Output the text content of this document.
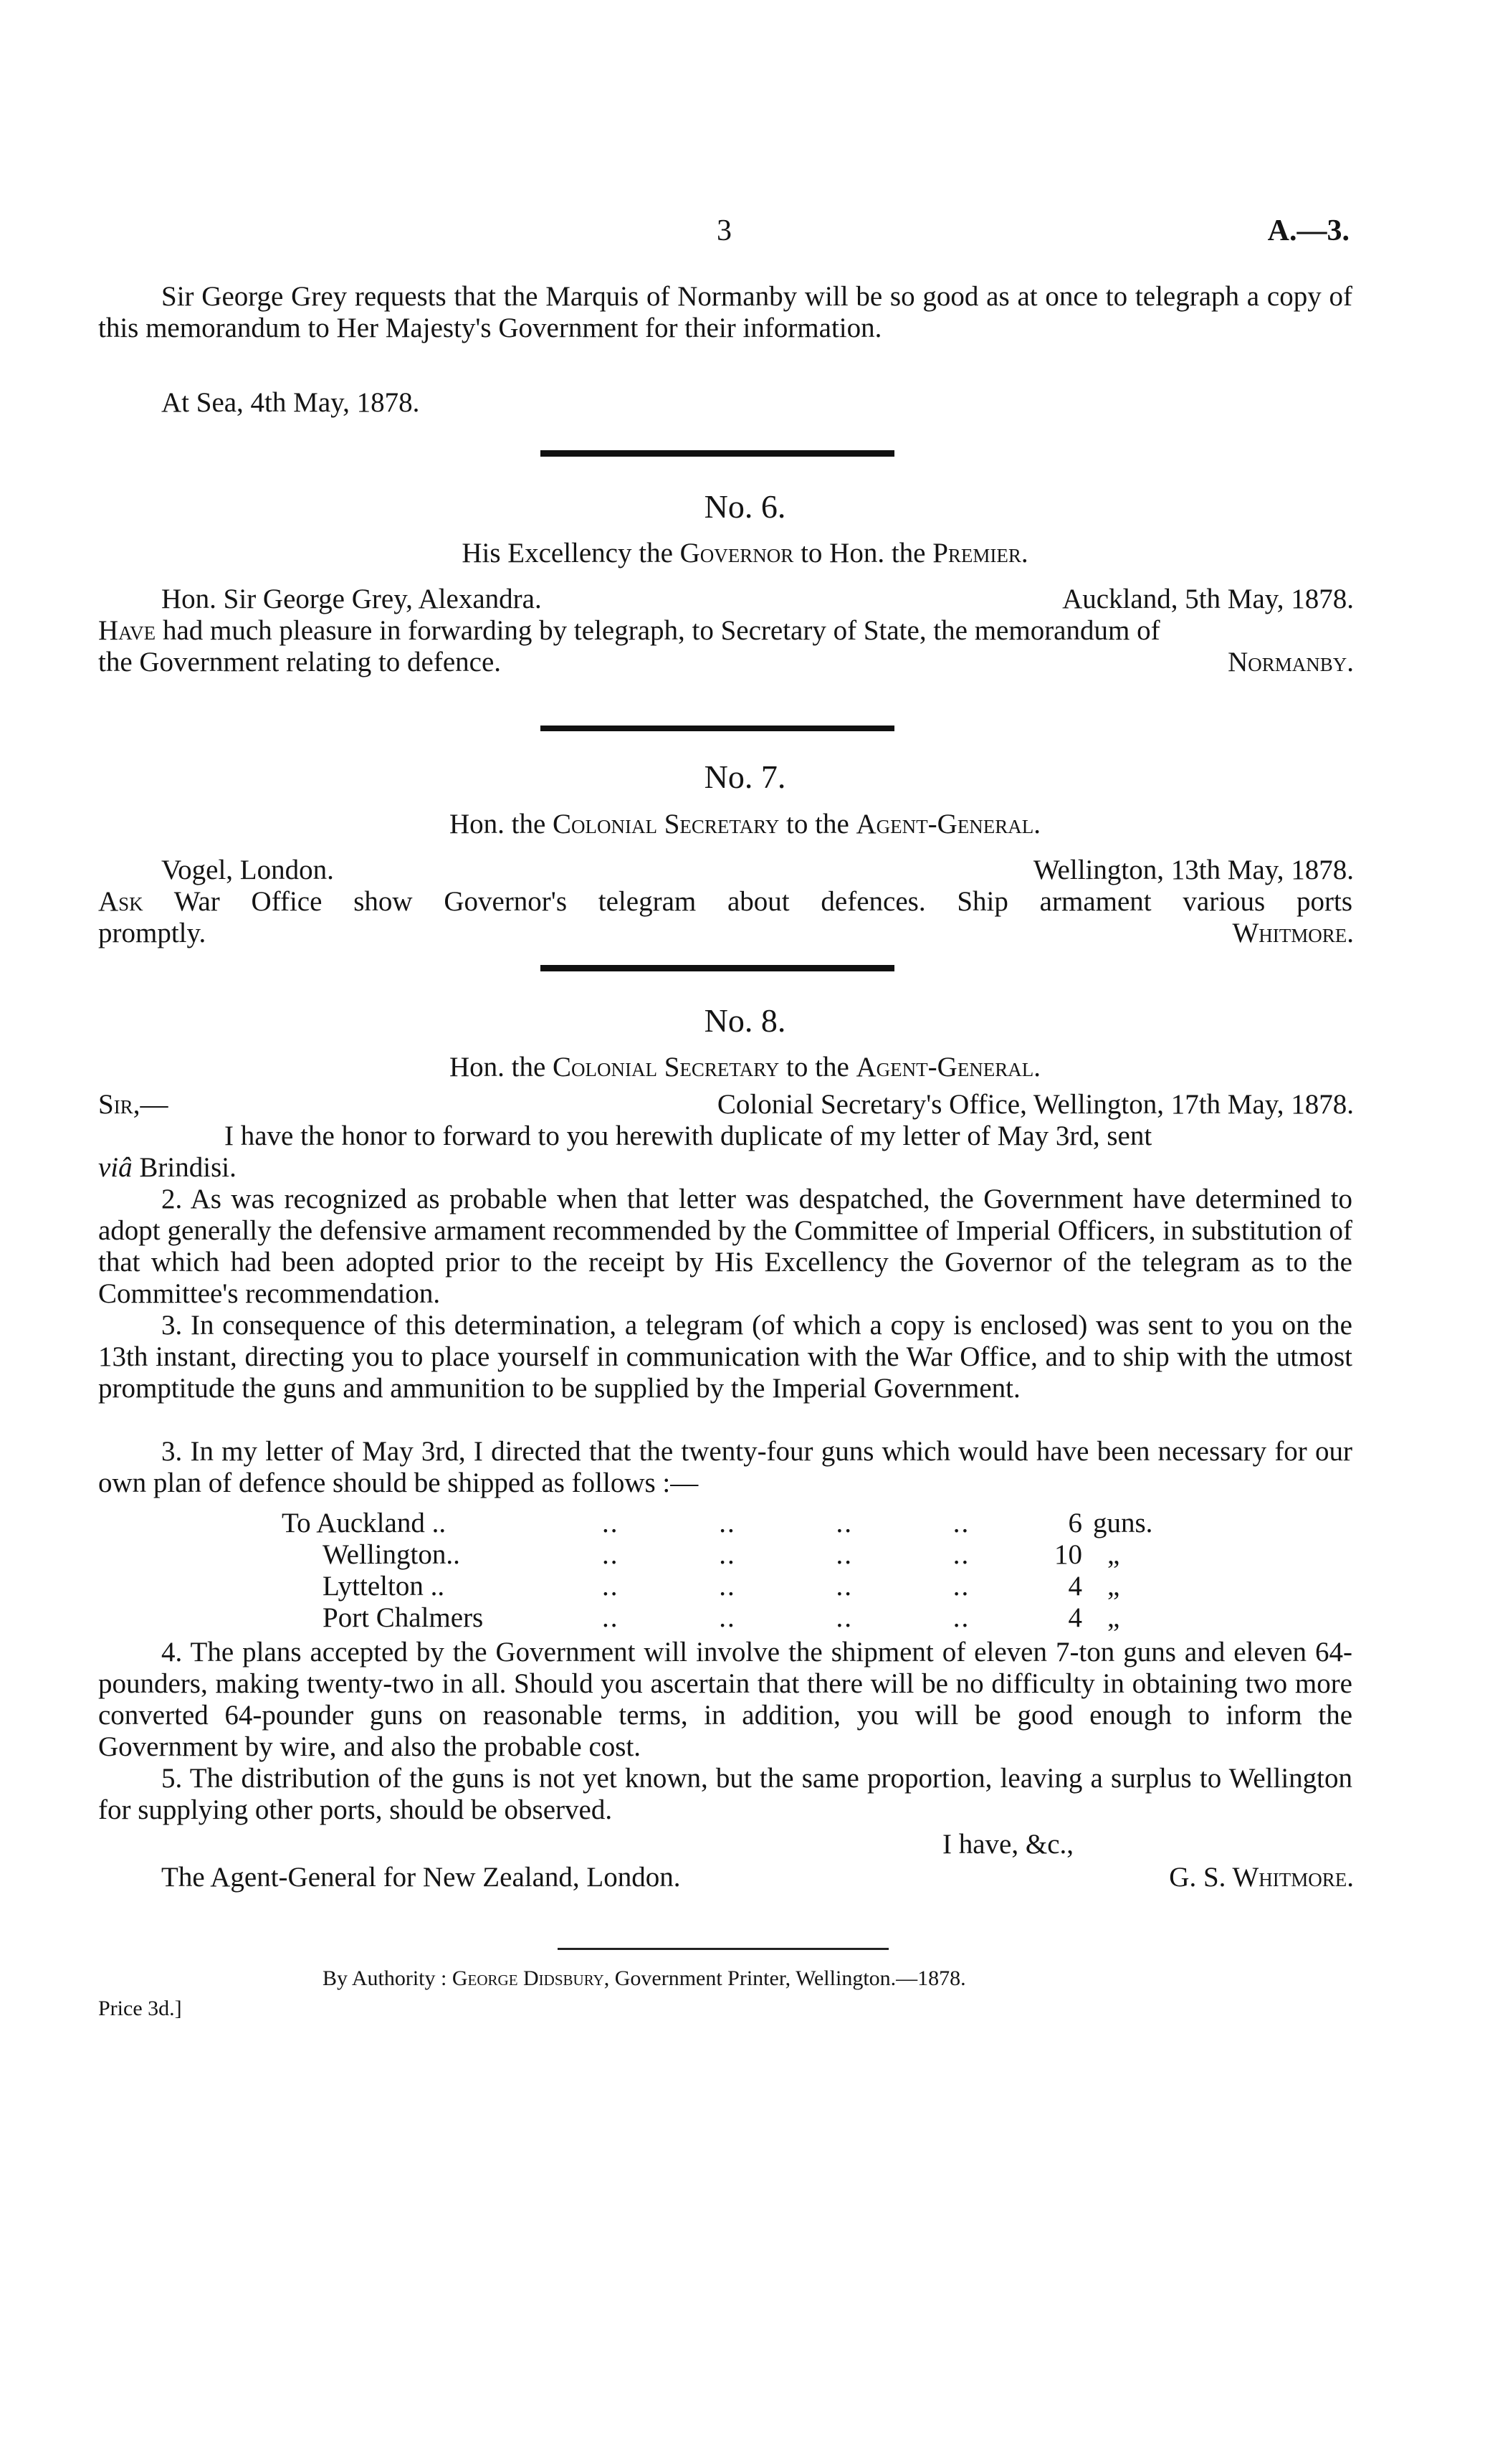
3	A.—3.
Sir George Grey requests that the Marquis of Normanby will be so good as at once to telegraph a copy of this memorandum to Her Majesty's Government for their information.
At Sea, 4th May, 1878.
No. 6.
His Excellency the Governor to Hon. the Premier.
Hon. Sir George Grey, Alexandra.	Auckland, 5th May, 1878.
Have had much pleasure in forwarding by telegraph, to Secretary of State, the memorandum of
the Government relating to defence.	Normanby.
No. 7.
Hon. the Colonial Secretary to the Agent-General.
Vogel, London.	Wellington, 13th May, 1878.
Ask War Office show Governor's telegram about defences. Ship armament various ports
promptly.	Whitmore.
No. 8.
Hon. the Colonial Secretary to the Agent-General.
Sir,—	Colonial Secretary's Office, Wellington, 17th May, 1878.
I have the honor to forward to you herewith duplicate of my letter of May 3rd, sent
viâ Brindisi.
2. As was recognized as probable when that letter was despatched, the Government have determined to adopt generally the defensive armament recommended by the Committee of Imperial Officers, in substitution of that which had been adopted prior to the receipt by His Excellency the Governor of the telegram as to the Committee's recommendation.
3. In consequence of this determination, a telegram (of which a copy is enclosed) was sent to you on the 13th instant, directing you to place yourself in communication with the War Office, and to ship with the utmost promptitude the guns and ammunition to be supplied by the Imperial Government.
3. In my letter of May 3rd, I directed that the twenty-four guns which would have been necessary for our own plan of defence should be shipped as follows :—
To Auckland ..	.. .. .. ..	6 guns.
Wellington..	.. .. .. ..	10 „
Lyttelton ..	.. .. .. ..	4 „
Port Chalmers	.. .. .. ..	4 „
4. The plans accepted by the Government will involve the shipment of eleven 7-ton guns and eleven 64-pounders, making twenty-two in all. Should you ascertain that there will be no difficulty in obtaining two more converted 64-pounder guns on reasonable terms, in addition, you will be good enough to inform the Government by wire, and also the probable cost.
5. The distribution of the guns is not yet known, but the same proportion, leaving a surplus to Wellington for supplying other ports, should be observed.
I have, &c.,
The Agent-General for New Zealand, London.	G. S. Whitmore.
By Authority : George Didsbury, Government Printer, Wellington.—1878.
Price 3d.]
